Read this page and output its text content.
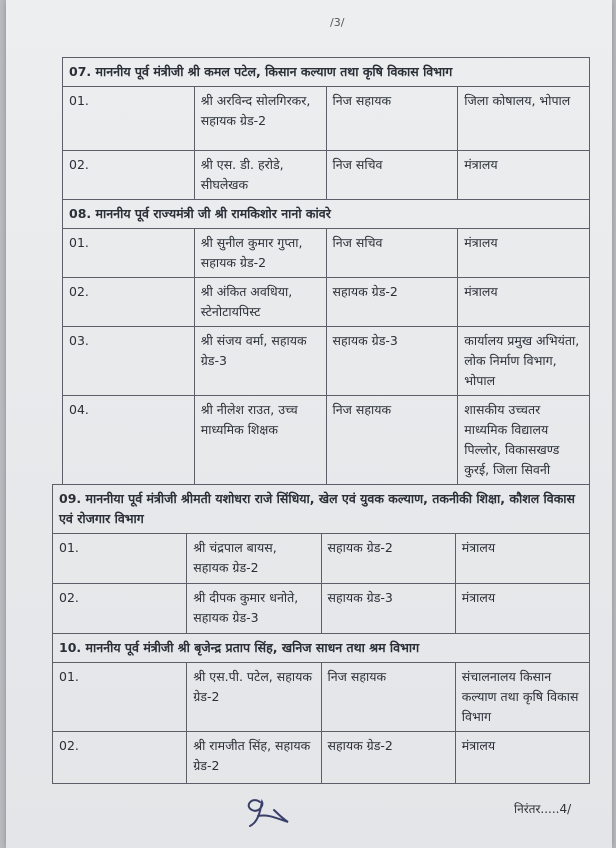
/3/
07. माननीय पूर्व मंत्रीजी श्री कमल पटेल, किसान कल्याण तथा कृषि विकास विभाग			
01.	श्री अरविन्द सोलगिरकर, सहायक ग्रेड-2	निज सहायक	जिला कोषालय, भोपाल
02.	श्री एस. डी. हरोडे, सीघलेखक	निज सचिव	मंत्रालय
08. माननीय पूर्व राज्यमंत्री जी श्री रामकिशोर नानो कांवरे			
01.	श्री सुनील कुमार गुप्ता, सहायक ग्रेड-2	निज सचिव	मंत्रालय
02.	श्री अंकित अवधिया, स्टेनोटायपिस्ट	सहायक ग्रेड-2	मंत्रालय
03.	श्री संजय वर्मा, सहायक ग्रेड-3	सहायक ग्रेड-3	कार्यालय प्रमुख अभियंता, लोक निर्माण विभाग, भोपाल
04.	श्री नीलेश राउत, उच्च माध्यमिक शिक्षक	निज सहायक	शासकीय उच्चतर माध्यमिक विद्यालय पिल्लोर, विकासखण्ड कुरई, जिला सिवनी
09. माननीया पूर्व मंत्रीजी श्रीमती यशोधरा राजे सिंधिया, खेल एवं युवक कल्याण, तकनीकी शिक्षा, कौशल विकास एवं रोजगार विभाग			
01.	श्री चंद्रपाल बायस, सहायक ग्रेड-2	सहायक ग्रेड-2	मंत्रालय
02.	श्री दीपक कुमार धनोते, सहायक ग्रेड-3	सहायक ग्रेड-3	मंत्रालय
10. माननीय पूर्व मंत्रीजी श्री बृजेन्द्र प्रताप सिंह, खनिज साधन तथा श्रम विभाग			
01.	श्री एस.पी. पटेल, सहायक ग्रेड-2	निज सहायक	संचालनालय किसान कल्याण तथा कृषि विकास विभाग
02.	श्री रामजीत सिंह, सहायक ग्रेड-2	सहायक ग्रेड-2	मंत्रालय
निरंतर.....4/
